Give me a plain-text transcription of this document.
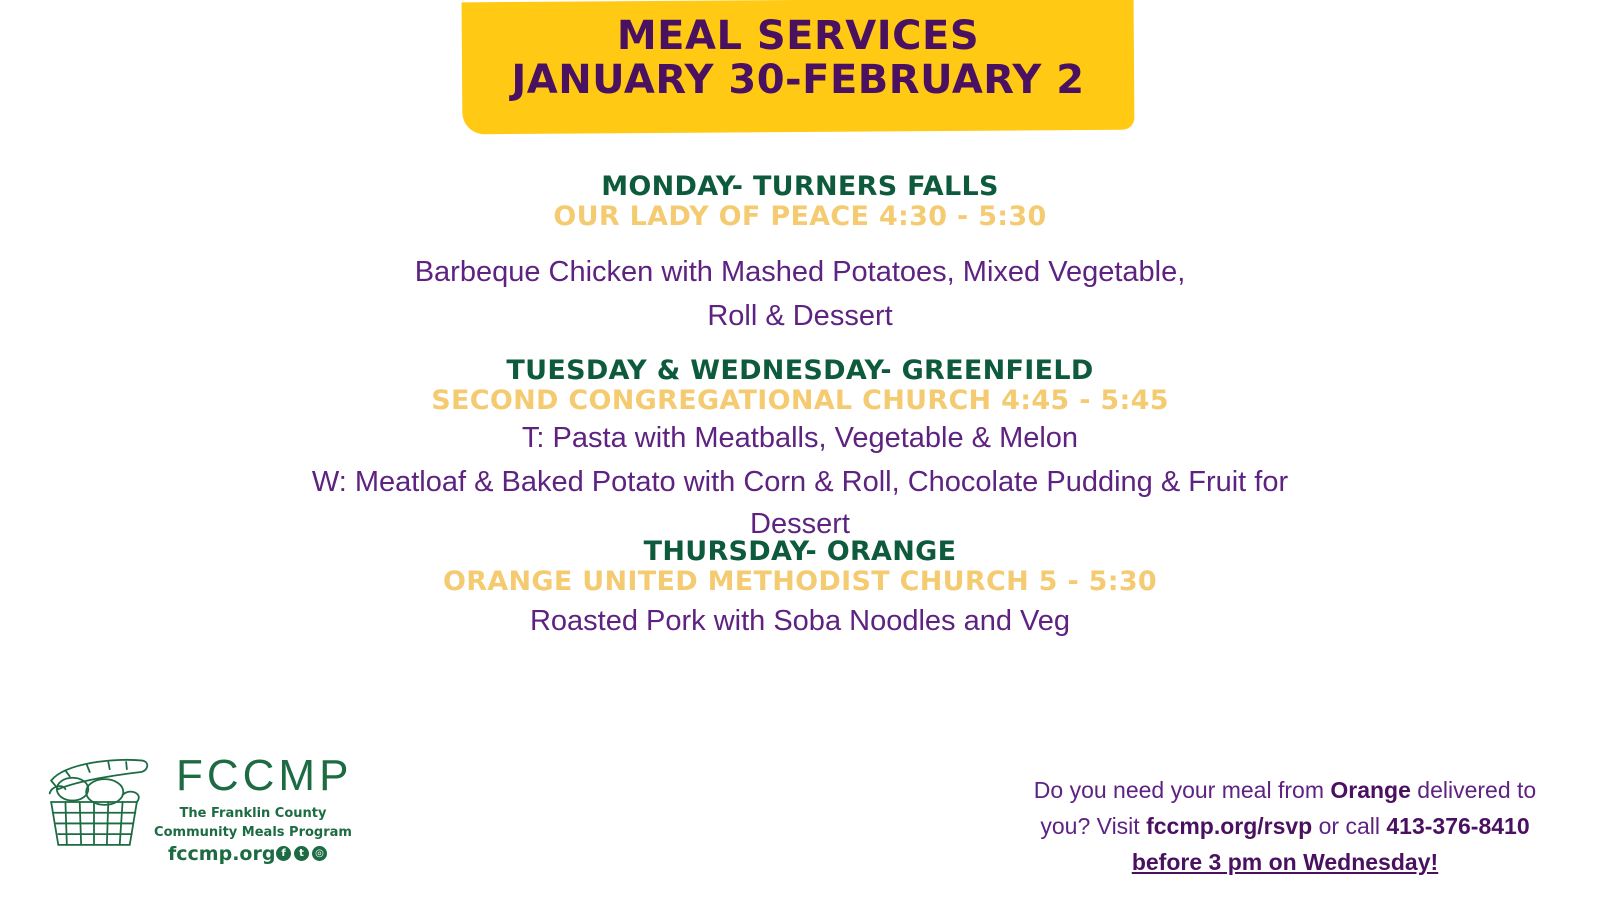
MEAL SERVICES
JANUARY 30-FEBRUARY 2
MONDAY- TURNERS FALLS
OUR LADY OF PEACE 4:30 - 5:30
Barbeque Chicken with Mashed Potatoes, Mixed Vegetable,
Roll & Dessert
TUESDAY & WEDNESDAY- GREENFIELD
SECOND CONGREGATIONAL CHURCH 4:45 - 5:45
T: Pasta with Meatballs, Vegetable & Melon
W: Meatloaf & Baked Potato with Corn & Roll, Chocolate Pudding & Fruit for
Dessert
THURSDAY- ORANGE
ORANGE UNITED METHODIST CHURCH 5 - 5:30
Roasted Pork with Soba Noodles and Veg
FCCMP
The Franklin County
Community Meals Program
fccmp.org f	t	◎
Do you need your meal from Orange delivered to you? Visit fccmp.org/rsvp or call 413-376-8410
before 3 pm on Wednesday!
